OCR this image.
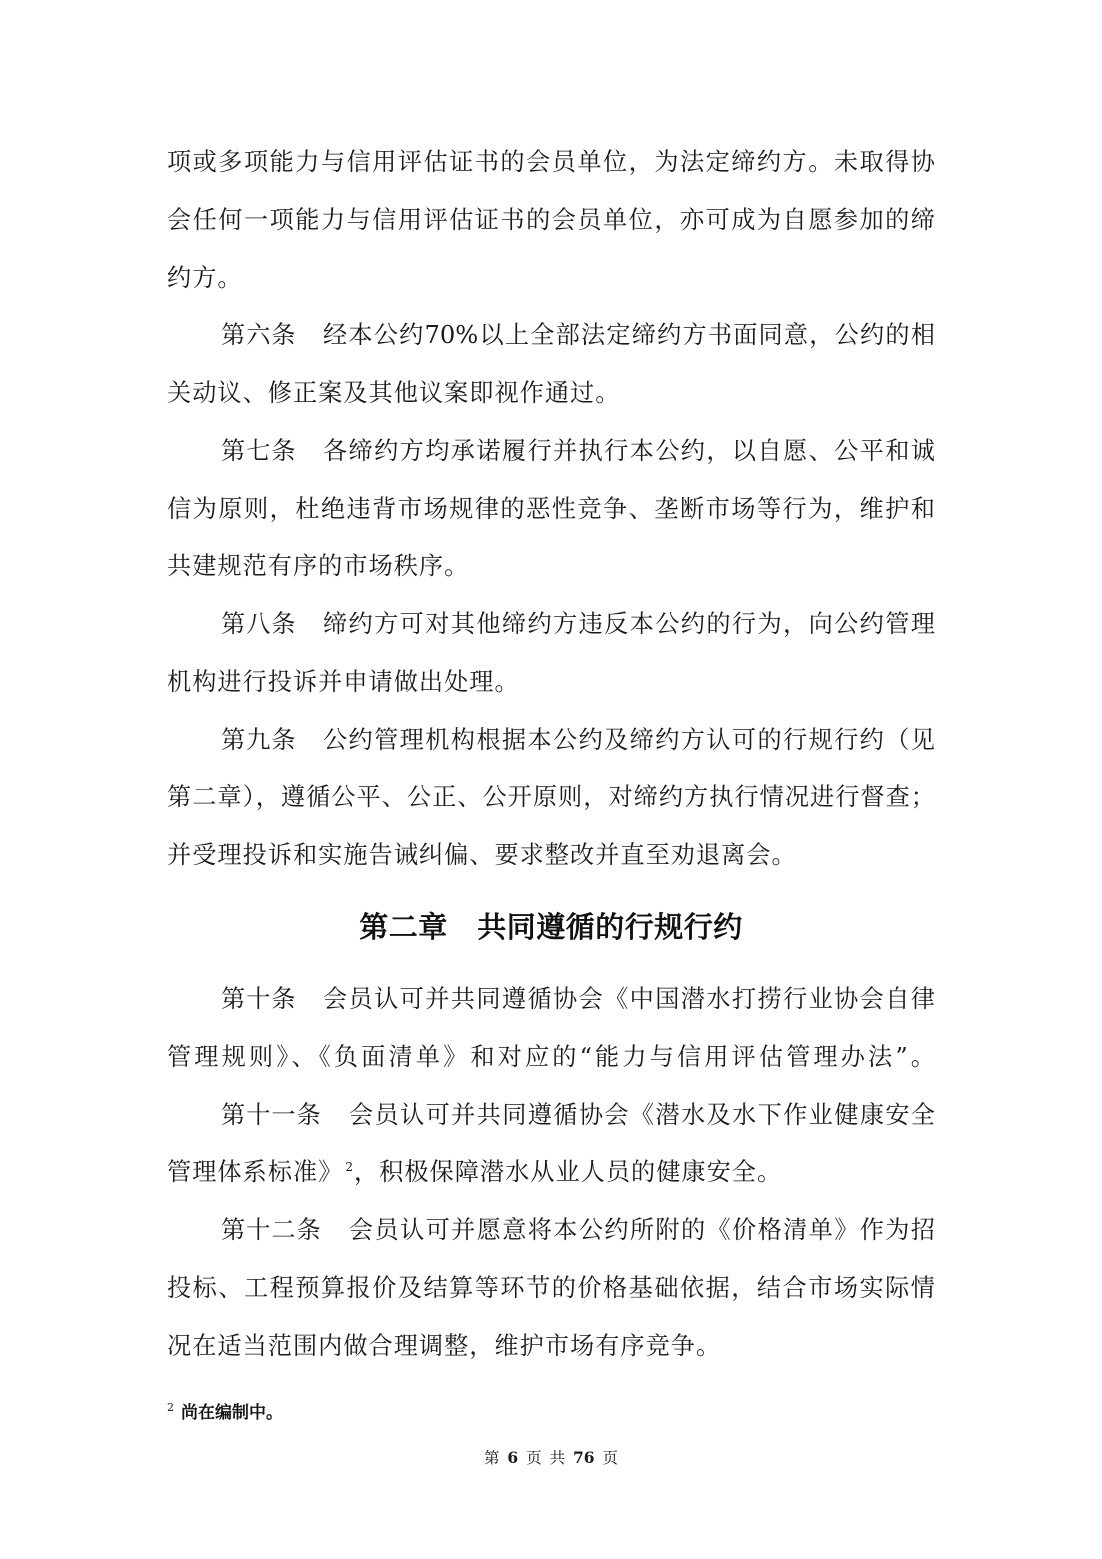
项或多项能力与信用评估证书的会员单位，为法定缔约方。未取得协
会任何一项能力与信用评估证书的会员单位，亦可成为自愿参加的缔
约方。
第六条 经本公约70%以上全部法定缔约方书面同意，公约的相
关动议、修正案及其他议案即视作通过。
第七条 各缔约方均承诺履行并执行本公约，以自愿、公平和诚
信为原则，杜绝违背市场规律的恶性竞争、垄断市场等行为，维护和
共建规范有序的市场秩序。
第八条 缔约方可对其他缔约方违反本公约的行为，向公约管理
机构进行投诉并申请做出处理。
第九条 公约管理机构根据本公约及缔约方认可的行规行约（见
第二章），遵循公平、公正、公开原则，对缔约方执行情况进行督查；
并受理投诉和实施告诫纠偏、要求整改并直至劝退离会。
第二章　共同遵循的行规行约
第十条 会员认可并共同遵循协会《中国潜水打捞行业协会自律
管理规则》、《负面清单》和对应的“能力与信用评估管理办法”。
第十一条 会员认可并共同遵循协会《潜水及水下作业健康安全
管理体系标准》 $^2$，积极保障潜水从业人员的健康安全。
第十二条 会员认可并愿意将本公约所附的《价格清单》作为招
投标、工程预算报价及结算等环节的价格基础依据，结合市场实际情
况在适当范围内做合理调整，维护市场有序竞争。
$^2$ 尚在编制中。
第 6 页 共 76 页
